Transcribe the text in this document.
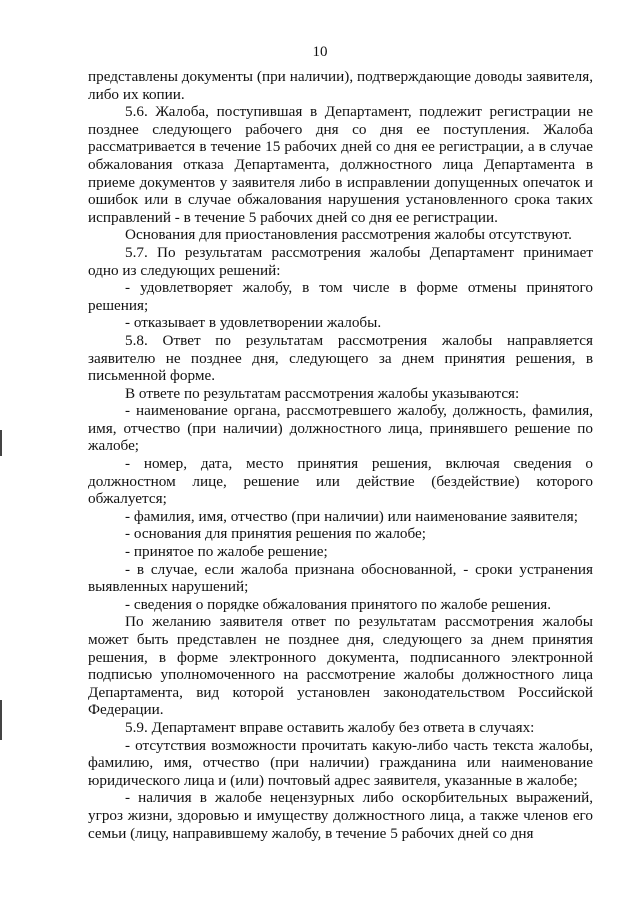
10

представлены документы (при наличии), подтверждающие доводы заявителя, либо их копии.

5.6. Жалоба, поступившая в Департамент, подлежит регистрации не позднее следующего рабочего дня со дня ее поступления. Жалоба рассматривается в течение 15 рабочих дней со дня ее регистрации, а в случае обжалования отказа Департамента, должностного лица Департамента в приеме документов у заявителя либо в исправлении допущенных опечаток и ошибок или в случае обжалования нарушения установленного срока таких исправлений - в течение 5 рабочих дней со дня ее регистрации.

Основания для приостановления рассмотрения жалобы отсутствуют.

5.7. По результатам рассмотрения жалобы Департамент принимает одно из следующих решений:

- удовлетворяет жалобу, в том числе в форме отмены принятого решения;

- отказывает в удовлетворении жалобы.

5.8. Ответ по результатам рассмотрения жалобы направляется заявителю не позднее дня, следующего за днем принятия решения, в письменной форме.

В ответе по результатам рассмотрения жалобы указываются:

- наименование органа, рассмотревшего жалобу, должность, фамилия, имя, отчество (при наличии) должностного лица, принявшего решение по жалобе;

- номер, дата, место принятия решения, включая сведения о должностном лице, решение или действие (бездействие) которого обжалуется;

- фамилия, имя, отчество (при наличии) или наименование заявителя;

- основания для принятия решения по жалобе;

- принятое по жалобе решение;

- в случае, если жалоба признана обоснованной, - сроки устранения выявленных нарушений;

- сведения о порядке обжалования принятого по жалобе решения.

По желанию заявителя ответ по результатам рассмотрения жалобы может быть представлен не позднее дня, следующего за днем принятия решения, в форме электронного документа, подписанного электронной подписью уполномоченного на рассмотрение жалобы должностного лица Департамента, вид которой установлен законодательством Российской Федерации.

5.9. Департамент вправе оставить жалобу без ответа в случаях:

- отсутствия возможности прочитать какую-либо часть текста жалобы, фамилию, имя, отчество (при наличии) гражданина или наименование юридического лица и (или) почтовый адрес заявителя, указанные в жалобе;

- наличия в жалобе нецензурных либо оскорбительных выражений, угроз жизни, здоровью и имуществу должностного лица, а также членов его семьи (лицу, направившему жалобу, в течение 5 рабочих дней со дня
